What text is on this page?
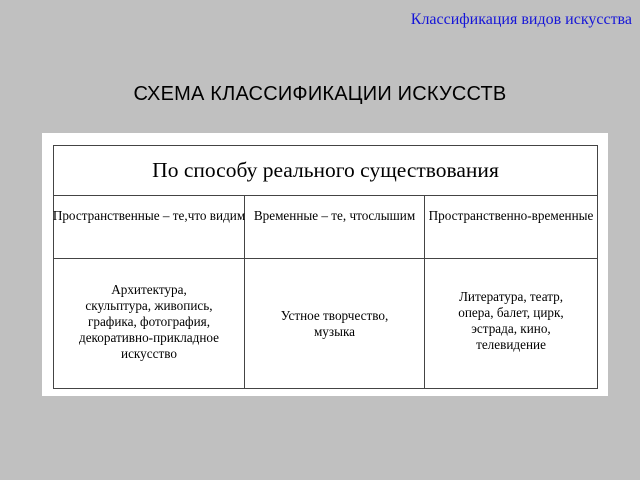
Классификация видов искусства
СХЕМА КЛАССИФИКАЦИИ ИСКУССТВ
По способу реального существования
Пространственные – те, что видим Временные – те, что слышим Пространственно- временные
Архитектура,
скульптура, живопись,
графика, фотография,
декоративно-прикладное
искусство
Устное творчество,
музыка
Литература, театр,
опера, балет, цирк,
эстрада, кино,
телевидение
